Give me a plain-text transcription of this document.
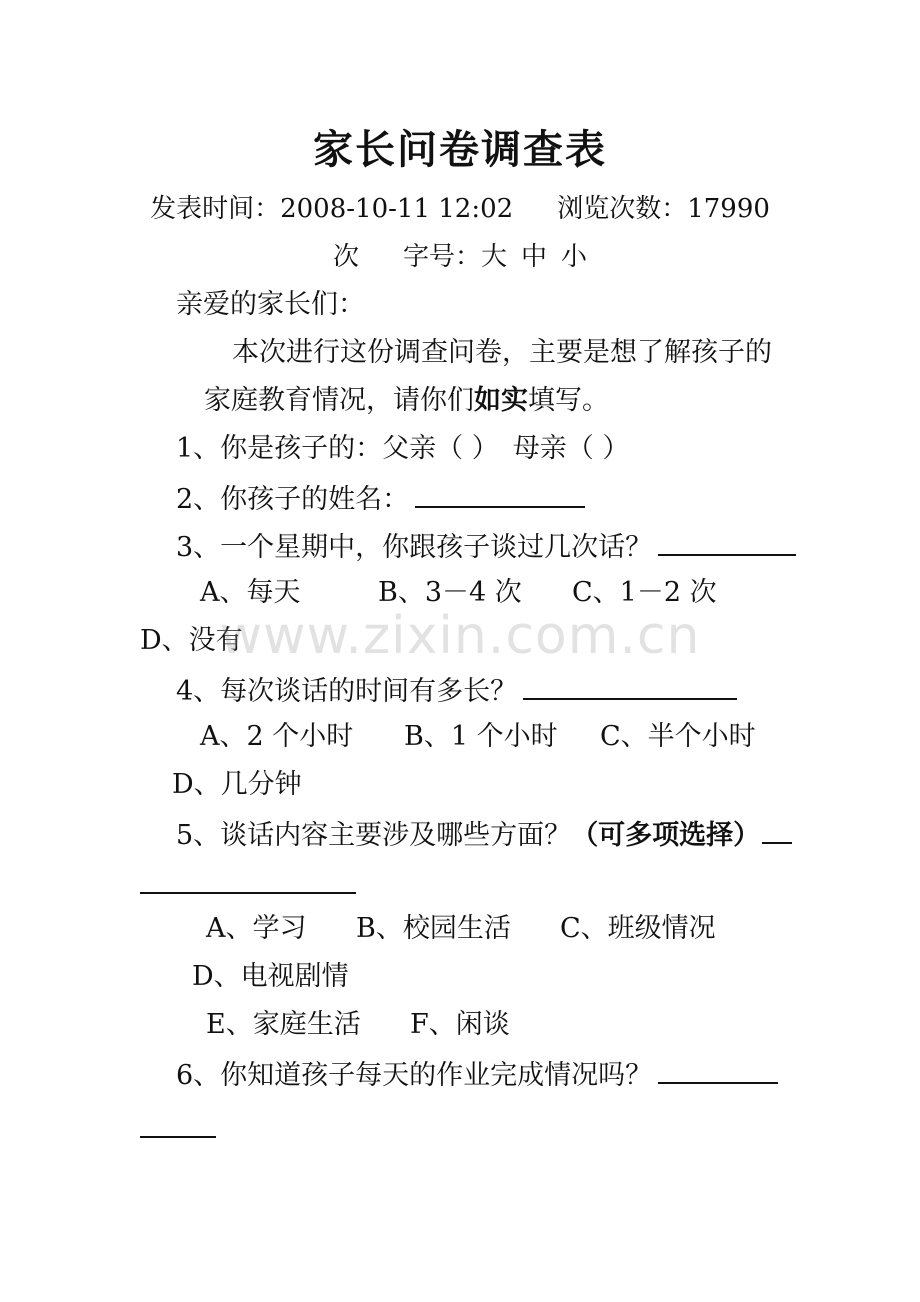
家长问卷调查表
发表时间：2008-10-11 12:02 浏览次数：17990
次 字号：大 中 小
亲爱的家长们：
本次进行这份调查问卷，主要是想了解孩子的
家庭教育情况，请你们如实填写。
1、你是孩子的：父亲（ ） 母亲（ ）
2、你孩子的姓名：
3、一个星期中，你跟孩子谈过几次话？
A、每天	B、3－4 次 C、1－2 次
D、没有
www.zixin.com.cn
4、每次谈话的时间有多长？
A、2 个小时 B、1 个小时 C、半个小时
D、几分钟
5、谈话内容主要涉及哪些方面？（可多项选择）
A、学习 B、校园生活 C、班级情况
D、电视剧情
E、家庭生活 F、闲谈
6、你知道孩子每天的作业完成情况吗？
